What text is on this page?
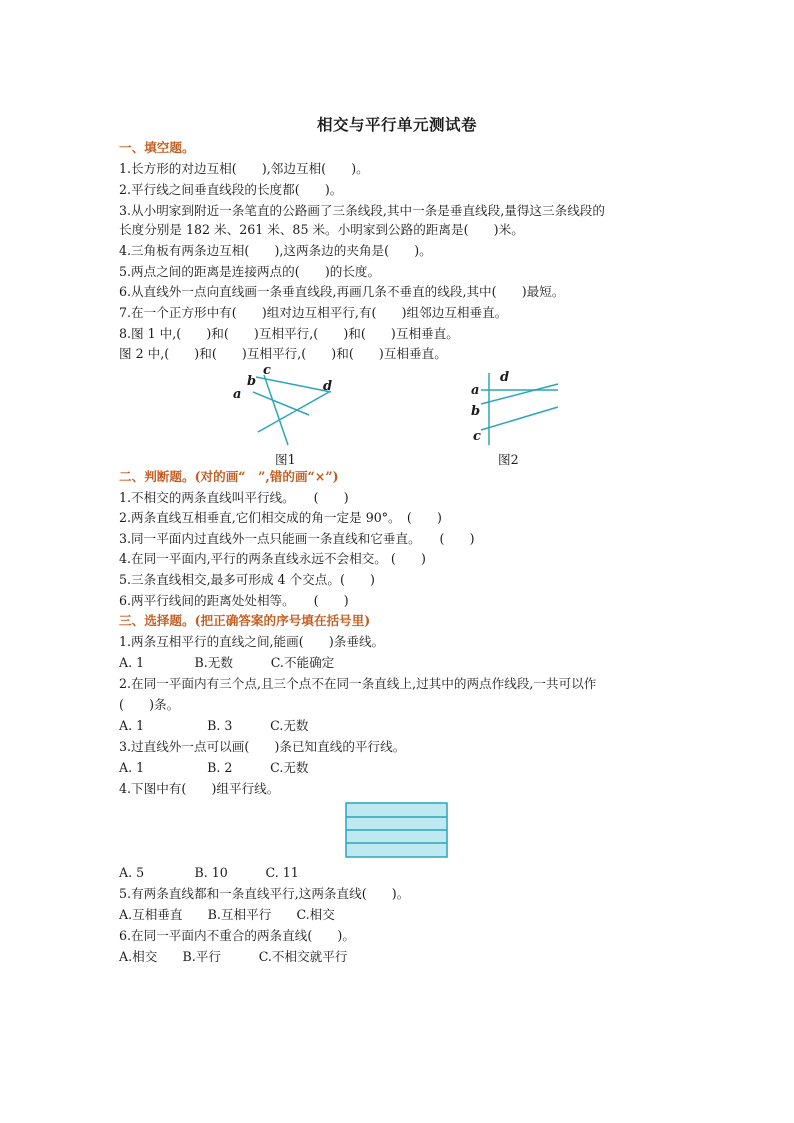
相交与平行单元测试卷
一、填空题。
1.长方形的对边互相(　　),邻边互相(　　)。
2.平行线之间垂直线段的长度都(　　)。
3.从小明家到附近一条笔直的公路画了三条线段,其中一条是垂直线段,量得这三条线段的
长度分别是 182 米、261 米、85 米。小明家到公路的距离是(　　)米。
4.三角板有两条边互相(　　),这两条边的夹角是(　　)。
5.两点之间的距离是连接两点的(　　)的长度。
6.从直线外一点向直线画一条垂直线段,再画几条不垂直的线段,其中(　　)最短。
7.在一个正方形中有(　　)组对边互相平行,有(　　)组邻边互相垂直。
8.图 1 中,(　　)和(　　)互相平行,(　　)和(　　)互相垂直。
图 2 中,(　　)和(　　)互相平行,(　　)和(　　)互相垂直。
a
b
c
d
图1
a
b
c
d
图2
二、判断题。(对的画“　”,错的画“×”)
1.不相交的两条直线叫平行线。　　(　　)
2.两条直线互相垂直,它们相交成的角一定是 90°。　(　　)
3.同一平面内过直线外一点只能画一条直线和它垂直。　　(　　)
4.在同一平面内,平行的两条直线永远不会相交。 (　　)
5.三条直线相交,最多可形成 4 个交点。(　　)
6.两平行线间的距离处处相等。　　(　　)
三、选择题。(把正确答案的序号填在括号里)
1.两条互相平行的直线之间,能画(　　)条垂线。
A. 1　　　　B.无数　　　C.不能确定
2.在同一平面内有三个点,且三个点不在同一条直线上,过其中的两点作线段,一共可以作
(　　)条。
A. 1　　　　　B. 3　　　C.无数
3.过直线外一点可以画(　　)条已知直线的平行线。
A. 1　　　　　B. 2　　　C.无数
4.下图中有(　　)组平行线。
A. 5　　　　B. 10　　　C. 11
5.有两条直线都和一条直线平行,这两条直线(　　)。
A.互相垂直　　B.互相平行　　C.相交
6.在同一平面内不重合的两条直线(　　)。
A.相交　　B.平行　　　C.不相交就平行
